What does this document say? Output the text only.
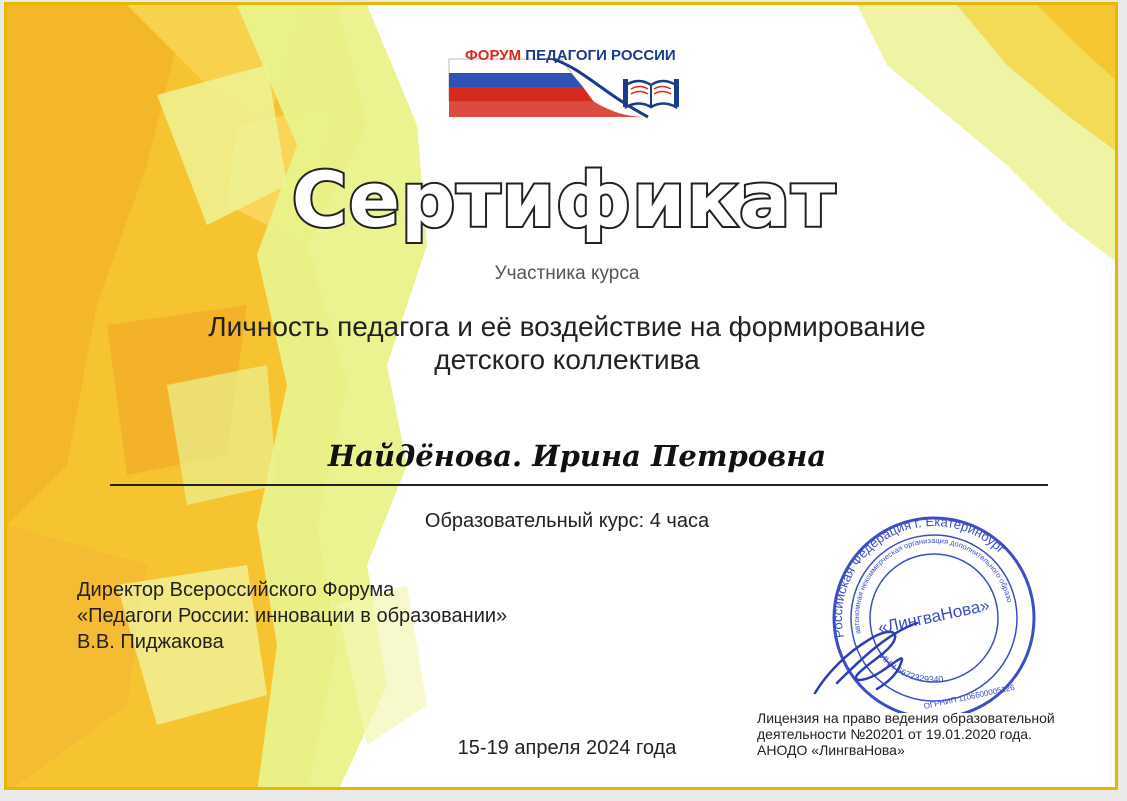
ФОРУМ ПЕДАГОГИ РОССИИ
Сертификат
Участника курса
Личность педагога и её воздействие на формирование
детского коллектива
Найдёнова. Ирина Петровна
Образовательный курс: 4 часа
Директор Всероссийского Форума
«Педагоги России: инновации в образовании»
В.В. Пиджакова	Российская Федерация г. Екатеринбург
автономная некоммерческая организация дополнительного образования
«ЛингваНова»
ИНН 6672329340
ОГРНИП 1106600005126
15-19 апреля 2024 года
Лицензия на право ведения образовательной
деятельности №20201 от 19.01.2020 года.
АНОДО «ЛингваНова»
